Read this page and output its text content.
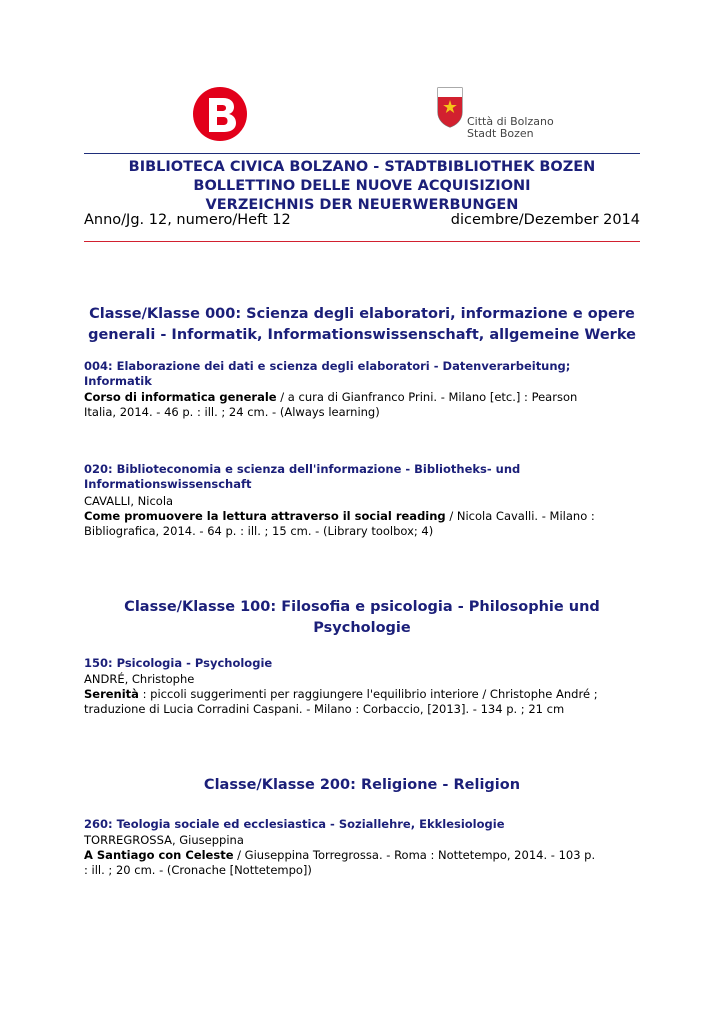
Città di Bolzano
Stadt Bozen
BIBLIOTECA CIVICA BOLZANO - STADTBIBLIOTHEK BOZEN
BOLLETTINO DELLE NUOVE ACQUISIZIONI
VERZEICHNIS DER NEUERWERBUNGEN
Anno/Jg. 12, numero/Heft 12	dicembre/Dezember 2014
Classe/Klasse 000: Scienza degli elaboratori, informazione e opere
generali - Informatik, Informationswissenschaft, allgemeine Werke
004: Elaborazione dei dati e scienza degli elaboratori - Datenverarbeitung;
Informatik
Corso di informatica generale / a cura di Gianfranco Prini. - Milano [etc.] : Pearson
Italia, 2014. - 46 p. : ill. ; 24 cm. - (Always learning)
020: Biblioteconomia e scienza dell'informazione - Bibliotheks- und
Informationswissenschaft
CAVALLI, Nicola
Come promuovere la lettura attraverso il social reading / Nicola Cavalli. - Milano :
Bibliografica, 2014. - 64 p. : ill. ; 15 cm. - (Library toolbox; 4)
Classe/Klasse 100: Filosofia e psicologia - Philosophie und
Psychologie
150: Psicologia - Psychologie
ANDRÉ, Christophe
Serenità : piccoli suggerimenti per raggiungere l'equilibrio interiore / Christophe André ;
traduzione di Lucia Corradini Caspani. - Milano : Corbaccio, [2013]. - 134 p. ; 21 cm
Classe/Klasse 200: Religione - Religion
260: Teologia sociale ed ecclesiastica - Soziallehre, Ekklesiologie
TORREGROSSA, Giuseppina
A Santiago con Celeste / Giuseppina Torregrossa. - Roma : Nottetempo, 2014. - 103 p.
: ill. ; 20 cm. - (Cronache [Nottetempo])
